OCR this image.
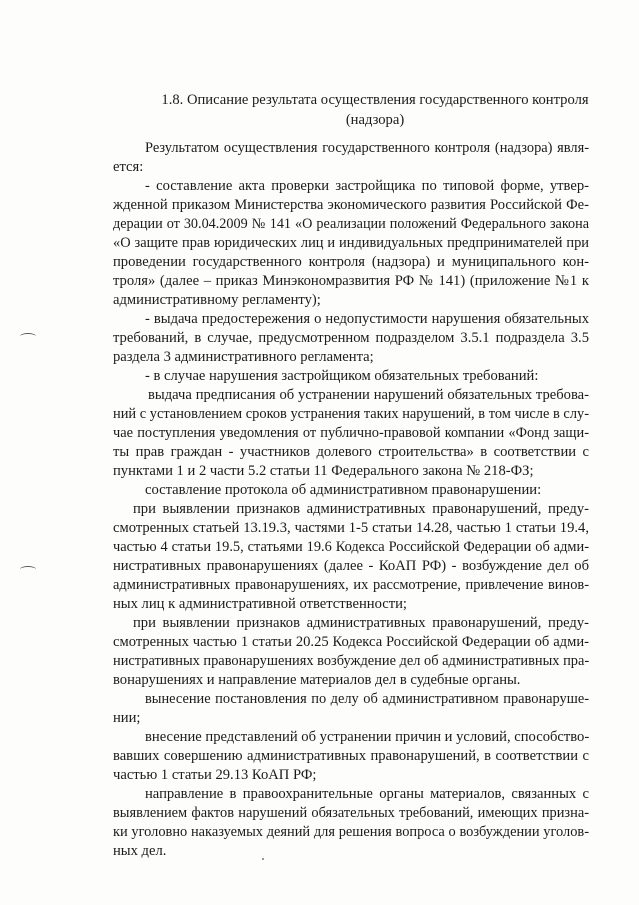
1.8. Описание результата осуществления государственного контроля
(надзора)
Результатом осуществления государственного контроля (надзора) явля-
ется:
- составление акта проверки застройщика по типовой форме, утвер-
жденной приказом Министерства экономического развития Российской Фе-
дерации от 30.04.2009 № 141 «О реализации положений Федерального закона
«О защите прав юридических лиц и индивидуальных предпринимателей при
проведении государственного контроля (надзора) и муниципального кон-
троля» (далее – приказ Минэкономразвития РФ № 141) (приложение №1 к
административному регламенту);
- выдача предостережения о недопустимости нарушения обязательных
требований, в случае, предусмотренном подразделом 3.5.1 подраздела 3.5
раздела 3 административного регламента;
- в случае нарушения застройщиком обязательных требований:
выдача предписания об устранении нарушений обязательных требова-
ний с установлением сроков устранения таких нарушений, в том числе в слу-
чае поступления уведомления от публично-правовой компании «Фонд защи-
ты прав граждан - участников долевого строительства» в соответствии с
пунктами 1 и 2 части 5.2 статьи 11 Федерального закона № 218-ФЗ;
составление протокола об административном правонарушении:
при выявлении признаков административных правонарушений, преду-
смотренных статьей 13.19.3, частями 1-5 статьи 14.28, частью 1 статьи 19.4,
частью 4 статьи 19.5, статьями 19.6 Кодекса Российской Федерации об адми-
нистративных правонарушениях (далее - КоАП РФ) - возбуждение дел об
административных правонарушениях, их рассмотрение, привлечение винов-
ных лиц к административной ответственности;
при выявлении признаков административных правонарушений, преду-
смотренных частью 1 статьи 20.25 Кодекса Российской Федерации об адми-
нистративных правонарушениях возбуждение дел об административных пра-
вонарушениях и направление материалов дел в судебные органы.
вынесение постановления по делу об административном правонаруше-
нии;
внесение представлений об устранении причин и условий, способство-
вавших совершению административных правонарушений, в соответствии с
частью 1 статьи 29.13 КоАП РФ;
направление в правоохранительные органы материалов, связанных с
выявлением фактов нарушений обязательных требований, имеющих призна-
ки уголовно наказуемых деяний для решения вопроса о возбуждении уголов-
ных дел.
